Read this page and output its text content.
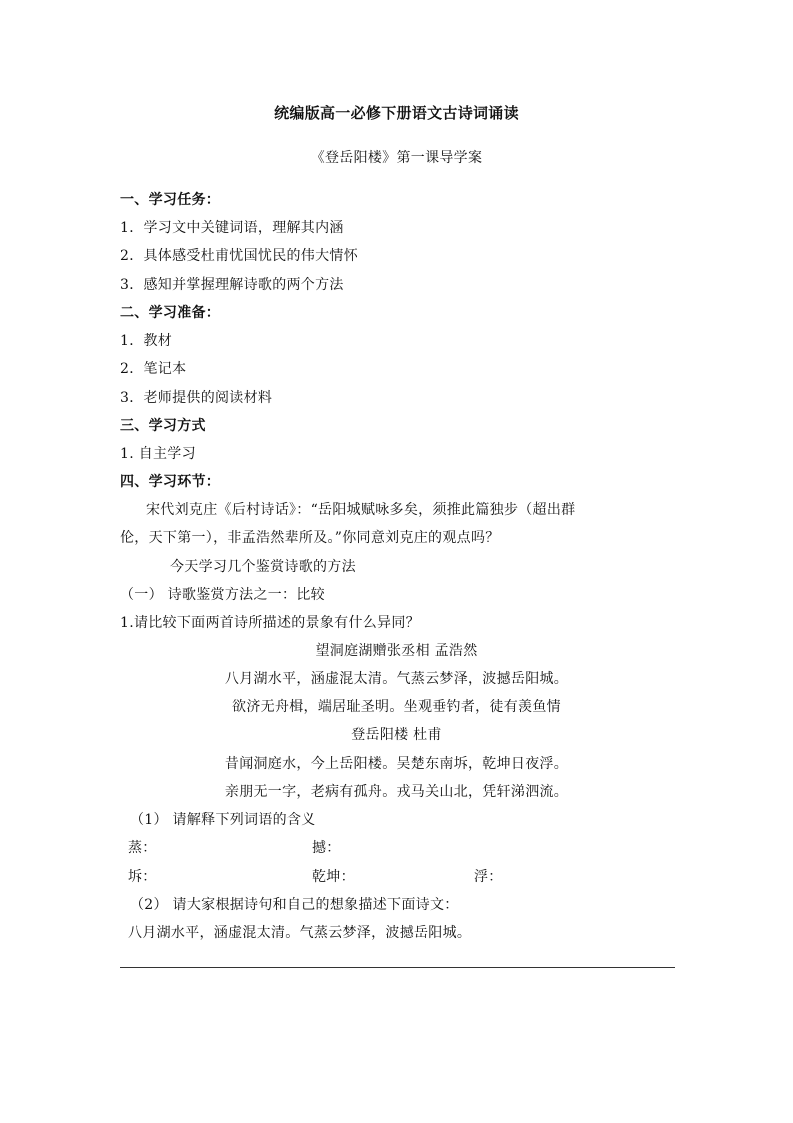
统编版高一必修下册语文古诗词诵读
《登岳阳楼》第一课导学案
一、学习任务：
1．学习文中关键词语，理解其内涵
2．具体感受杜甫忧国忧民的伟大情怀
3．感知并掌握理解诗歌的两个方法
二、学习准备：
1．教材
2．笔记本
3．老师提供的阅读材料
三、学习方式
1. 自主学习
四、学习环节：
宋代刘克庄《后村诗话》：“岳阳城赋咏多矣，须推此篇独步（超出群
伦，天下第一），非孟浩然辈所及。”你同意刘克庄的观点吗？
今天学习几个鉴赏诗歌的方法
（一） 诗歌鉴赏方法之一：比较
1.请比较下面两首诗所描述的景象有什么异同？
望洞庭湖赠张丞相 孟浩然
八月湖水平，涵虚混太清。气蒸云梦泽，波撼岳阳城。
欲济无舟楫，端居耻圣明。坐观垂钓者，徒有羡鱼情
登岳阳楼 杜甫
昔闻洞庭水，今上岳阳楼。吴楚东南坼，乾坤日夜浮。
亲朋无一字，老病有孤舟。戎马关山北，凭轩涕泗流。
（1） 请解释下列词语的含义
蒸：	撼：
坼：	乾坤：	浮：
（2） 请大家根据诗句和自己的想象描述下面诗文：
八月湖水平，涵虚混太清。气蒸云梦泽，波撼岳阳城。
